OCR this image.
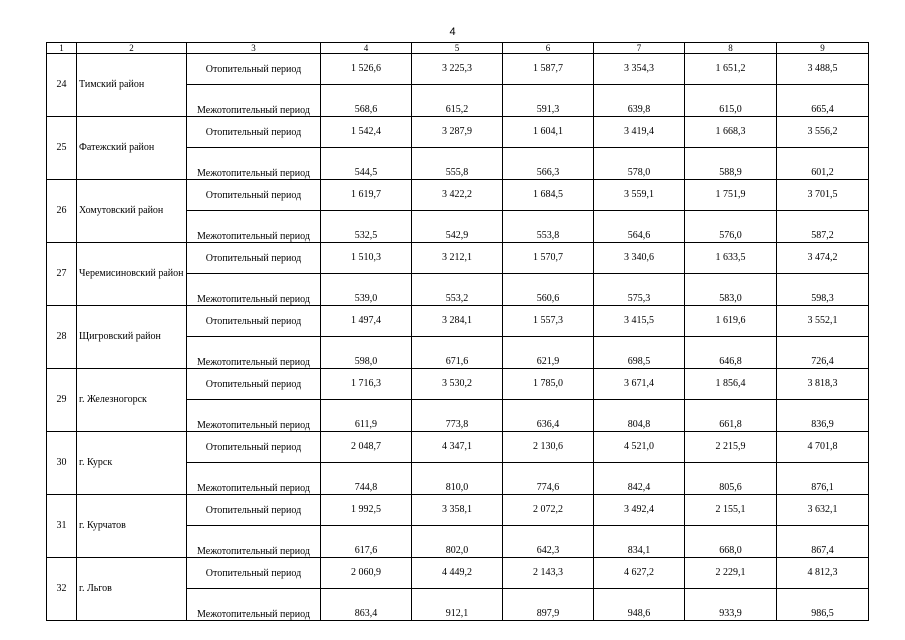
4
1	2	3	4	5	6	7	8	9
24	Тимский район	Отопительный период	1 526,6	3 225,3	1 587,7	3 354,3	1 651,2	3 488,5
		Межотопительный период	568,6	615,2	591,3	639,8	615,0	665,4
25	Фатежский район	Отопительный период	1 542,4	3 287,9	1 604,1	3 419,4	1 668,3	3 556,2
		Межотопительный период	544,5	555,8	566,3	578,0	588,9	601,2
26	Хомутовский район	Отопительный период	1 619,7	3 422,2	1 684,5	3 559,1	1 751,9	3 701,5
		Межотопительный период	532,5	542,9	553,8	564,6	576,0	587,2
27	Черемисиновский район	Отопительный период	1 510,3	3 212,1	1 570,7	3 340,6	1 633,5	3 474,2
		Межотопительный период	539,0	553,2	560,6	575,3	583,0	598,3
28	Щигровский район	Отопительный период	1 497,4	3 284,1	1 557,3	3 415,5	1 619,6	3 552,1
		Межотопительный период	598,0	671,6	621,9	698,5	646,8	726,4
29	г. Железногорск	Отопительный период	1 716,3	3 530,2	1 785,0	3 671,4	1 856,4	3 818,3
		Межотопительный период	611,9	773,8	636,4	804,8	661,8	836,9
30	г. Курск	Отопительный период	2 048,7	4 347,1	2 130,6	4 521,0	2 215,9	4 701,8
		Межотопительный период	744,8	810,0	774,6	842,4	805,6	876,1
31	г. Курчатов	Отопительный период	1 992,5	3 358,1	2 072,2	3 492,4	2 155,1	3 632,1
		Межотопительный период	617,6	802,0	642,3	834,1	668,0	867,4
32	г. Льгов	Отопительный период	2 060,9	4 449,2	2 143,3	4 627,2	2 229,1	4 812,3
		Межотопительный период	863,4	912,1	897,9	948,6	933,9	986,5
